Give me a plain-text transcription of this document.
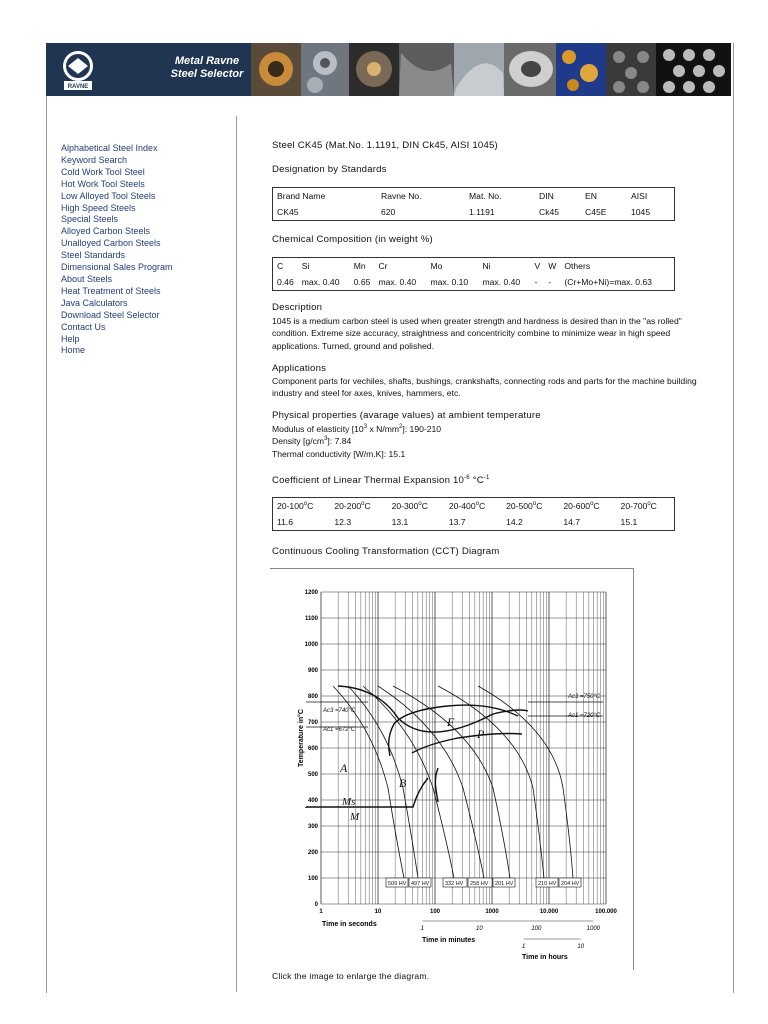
RAVNE
Metal Ravne
Steel Selector
Alphabetical Steel Index
Keyword Search
Cold Work Tool Steel
Hot Work Tool Steels
Low Alloyed Tool Steels
High Speed Steels
Special Steels
Alloyed Carbon Steels
Unalloyed Carbon Steels
Steel Standards
Dimensional Sales Program
About Steels
Heat Treatment of Steels
Java Calculators
Download Steel Selector
Contact Us
Help
Home
Steel CK45 (Mat.No. 1.1191, DIN Ck45, AISI 1045)
Designation by Standards
Brand Name	Ravne No.	Mat. No.	DIN	EN	AISI
CK45	620	1.1191	Ck45	C45E	1045
Chemical Composition (in weight %)
C	Si	Mn	Cr	Mo	Ni	V	W	Others
0.46	max. 0.40	0.65	max. 0.40	max. 0.10	max. 0.40	-	-	(Cr+Mo+Ni)=max. 0.63
Description
1045 is a medium carbon steel is used when greater strength and hardness is desired than in the "as rolled" condition. Extreme size accuracy, straightness and concentricity combine to minimize wear in high speed applications. Turned, ground and polished.
Applications
Component parts for vechiles, shafts, bushings, crankshafts, connecting rods and parts for the machine building industry and steel for axes, knives, hammers, etc.
Physical properties (avarage values) at ambient temperature
Modulus of elasticity [$10^3$ x $N/mm^2$]: 190-210
Density $[g/cm^3]$: 7.84
Thermal conductivity [W/m.K]: 15.1
Coefficient of Linear Thermal Expansion $10^{-6}$ $^\circ C^{-1}$
20-100$^o$C	20-200$^o$C	20-300$^o$C	20-400$^o$C	20-500$^o$C	20-600$^o$C	20-700$^o$C
11.6	12.3	13.1	13.7	14.2	14.7	15.1
Continuous Cooling Transformation (CCT) Diagram
0
100
200
300
400
500
600
700
800
900
1000
1100
1200
1	10	100	1000	10.000	100.000
1	10	100	1000
1	10
Temperature in°C
A
B
F
P
Ms
M
Ac3 =750°C
Ac1 =720°C
Ac3 =740°C
Ac1 =672°C
509 HV 497 HV	332 HV 258 HV 201 HV	210 HV 204 HV
Time in seconds
Time in minutes
Time in hours
Click the image to enlarge the diagram.
